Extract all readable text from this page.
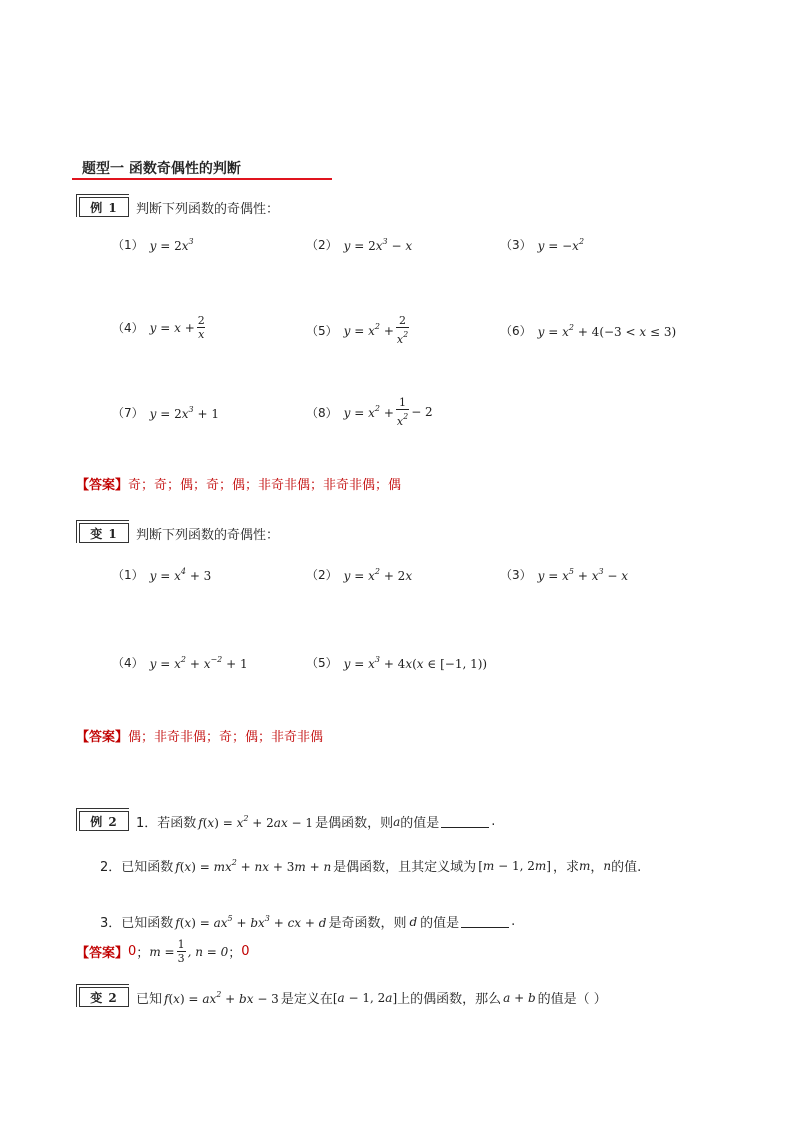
题型一 函数奇偶性的判断
例 1 判断下列函数的奇偶性：
（1） $y = 2x^3$	（2） $y = 2x^3 - x$	（3） $y = -x^2$
（4） $y = x + \frac{2}{x}$	（5） $y = x^2 + \frac{2}{x^2}$	（6） $y = x^2 + 4(-3 < x \le 3)$
（7） $y = 2x^3 + 1$	（8） $y = x^2 + \frac{1}{x^2} - 2$
【答案】奇；奇；偶；奇；偶；非奇非偶；非奇非偶；偶
变 1 判断下列函数的奇偶性：
（1） $y = x^4 + 3$	（2） $y = x^2 + 2x$	（3） $y = x^5 + x^3 - x$
（4） $y = x^2 + x^{-2} + 1$	（5） $y = x^3 + 4x(x$ ∈ [−1, 1))
【答案】偶；非奇非偶；奇；偶；非奇非偶
例 2 1．若函数 $f(x) = x^2 + 2ax - 1$ 是偶函数，则 a 的值是	.
2．已知函数 $f(x) = mx^2$ + nx + 3m + n 是偶函数，且其定义域为 [m − 1, 2m] ，求 m ， n 的值.
3．已知函数 $f(x) = ax^5 + bx^3$ + cx + d 是奇函数，则 d 的值是	.
【答案】 0 ； $m = \frac{1}{3}$ , n = 0 ； 0
变 2 已知 $f(x) = ax^2$ + bx − 3 是定义在 [a − 1, 2a] 上的偶函数，那么 a + b 的值是（ ）
